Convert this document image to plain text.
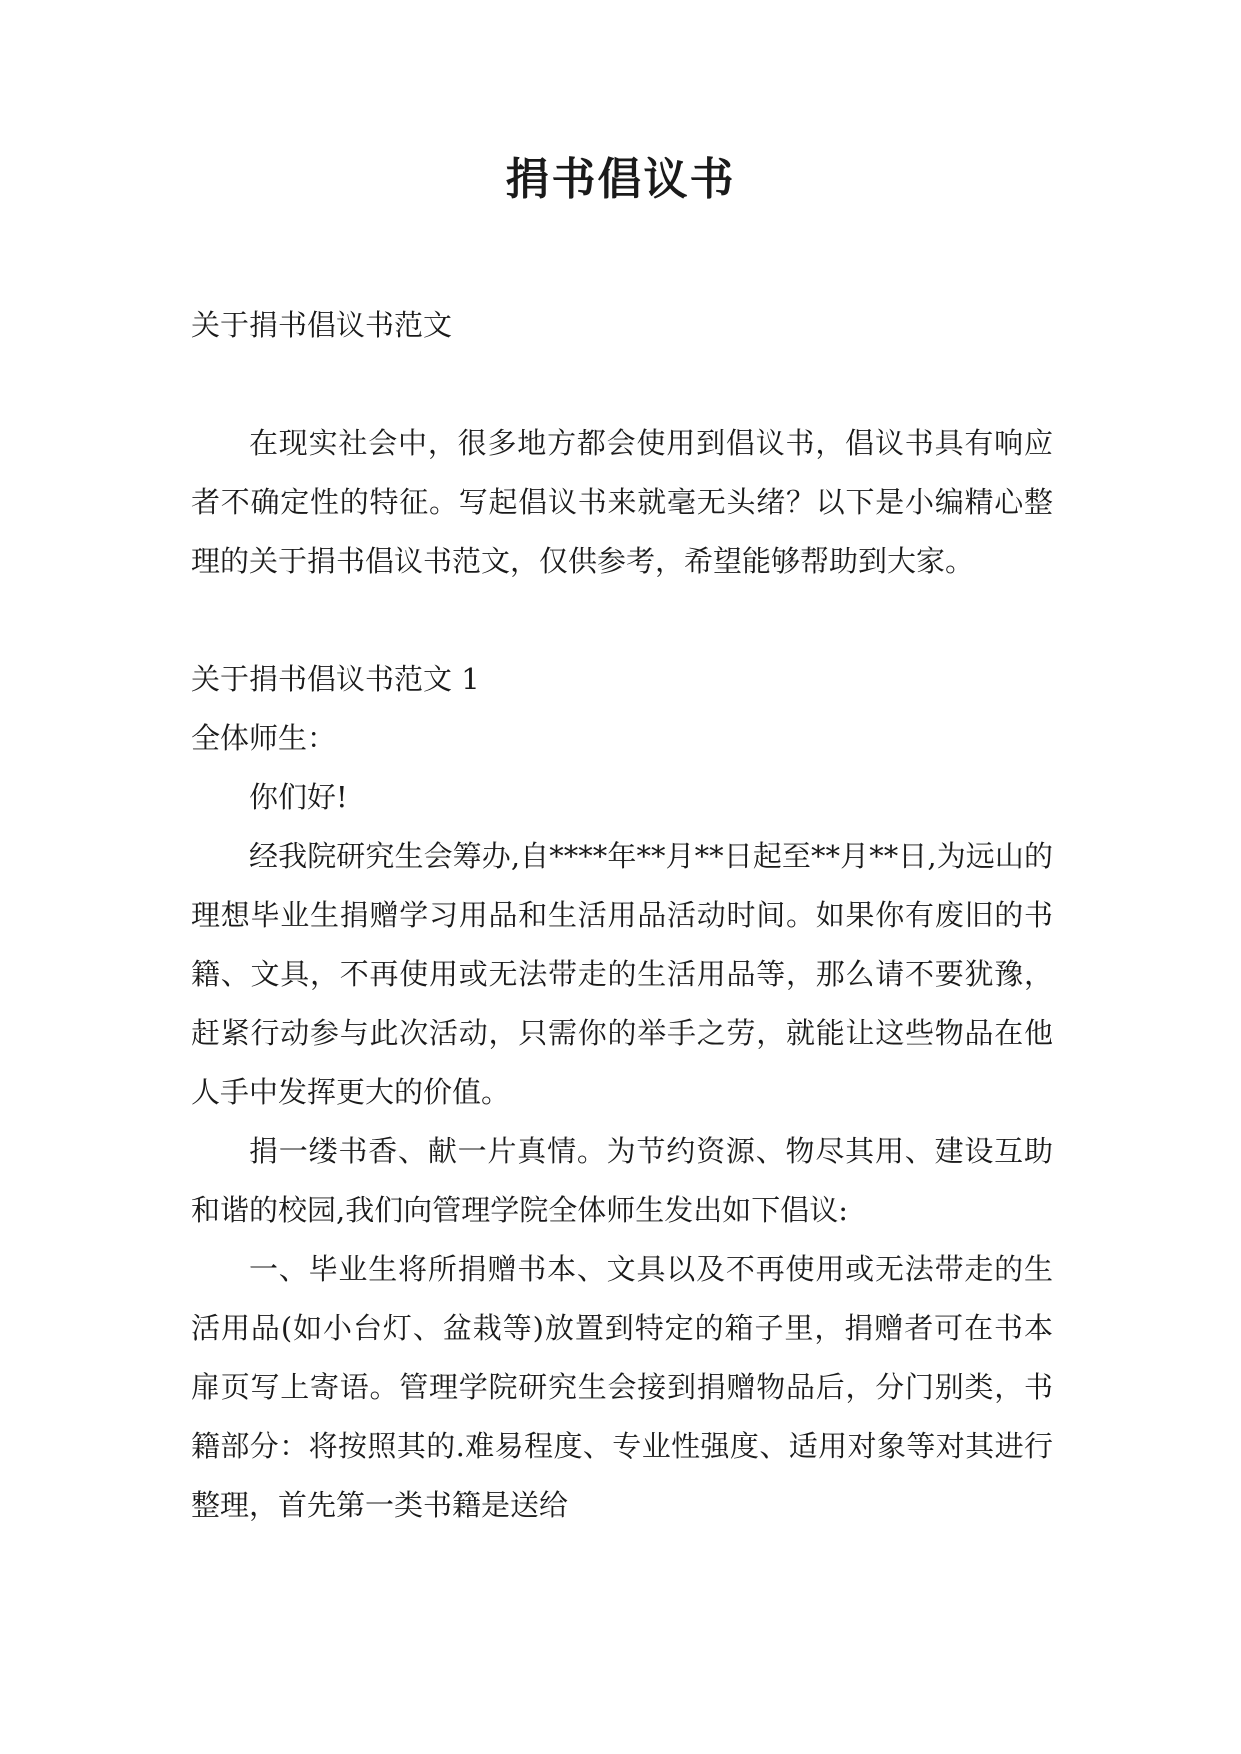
捐书倡议书

关于捐书倡议书范文

在现实社会中，很多地方都会使用到倡议书，倡议书具有响应者不确定性的特征。写起倡议书来就毫无头绪？以下是小编精心整理的关于捐书倡议书范文，仅供参考，希望能够帮助到大家。

关于捐书倡议书范文 1

全体师生：

你们好!

经我院研究生会筹办,自****年**月**日起至**月**日,为远山的理想毕业生捐赠学习用品和生活用品活动时间。如果你有废旧的书籍、文具，不再使用或无法带走的生活用品等，那么请不要犹豫，赶紧行动参与此次活动，只需你的举手之劳，就能让这些物品在他人手中发挥更大的价值。

捐一缕书香、献一片真情。为节约资源、物尽其用、建设互助和谐的校园,我们向管理学院全体师生发出如下倡议:

一、毕业生将所捐赠书本、文具以及不再使用或无法带走的生活用品(如小台灯、盆栽等)放置到特定的箱子里，捐赠者可在书本扉页写上寄语。管理学院研究生会接到捐赠物品后，分门别类，书籍部分：将按照其的.难易程度、专业性强度、适用对象等对其进行整理，首先第一类书籍是送给
